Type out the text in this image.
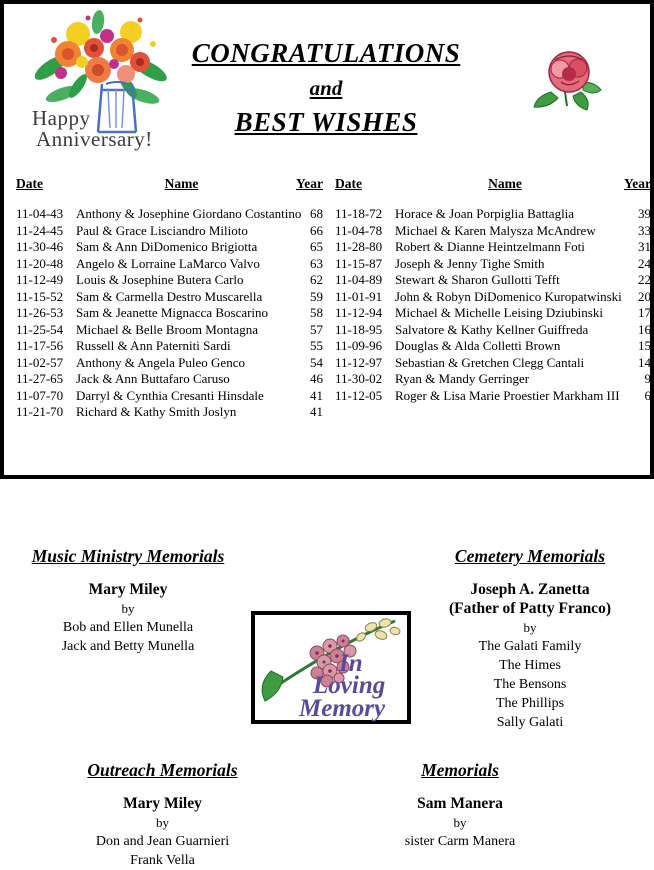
Happy
Anniversary!
CONGRATULATIONS
and
BEST WISHES
Date	Name	Year
11-04-43 Anthony & Josephine Giordano Costantino 68
11-24-45 Paul & Grace Lisciandro Milioto	66
11-30-46 Sam & Ann DiDomenico Brigiotta	65
11-20-48 Angelo & Lorraine LaMarco Valvo	63
11-12-49 Louis & Josephine Butera Carlo	62
11-15-52 Sam & Carmella Destro Muscarella	59
11-26-53 Sam & Jeanette Mignacca Boscarino	58
11-25-54 Michael & Belle Broom Montagna	57
11-17-56 Russell & Ann Paterniti Sardi	55
11-02-57 Anthony & Angela Puleo Genco	54
11-27-65 Jack & Ann Buttafaro Caruso	46
11-07-70 Darryl & Cynthia Cresanti Hinsdale	41
11-21-70 Richard & Kathy Smith Joslyn	41
Date	Name	Year
11-18-72 Horace & Joan Porpiglia Battaglia	39
11-04-78 Michael & Karen Malysza McAndrew	33
11-28-80 Robert & Dianne Heintzelmann Foti	31
11-15-87 Joseph & Jenny Tighe Smith	24
11-04-89 Stewart & Sharon Gullotti Tefft	22
11-01-91 John & Robyn DiDomenico Kuropatwinski	20
11-12-94 Michael & Michelle Leising Dziubinski	17
11-18-95 Salvatore & Kathy Kellner Guiffreda	16
11-09-96 Douglas & Alda Colletti Brown	15
11-12-97 Sebastian & Gretchen Clegg Cantali	14
11-30-02 Ryan & Mandy Gerringer	9
11-12-05 Roger & Lisa Marie Proestier Markham III	6
Music Ministry Memorials
Mary Miley
by
Bob and Ellen Munella
Jack and Betty Munella
Cemetery Memorials
Joseph A. Zanetta
(Father of Patty Franco)
by
The Galati Family
The Himes
The Bensons
The Phillips
Sally Galati
In
Loving
Memory
Outreach Memorials
Mary Miley
by
Don and Jean Guarnieri
Frank Vella
Memorials
Sam Manera
by
sister Carm Manera
